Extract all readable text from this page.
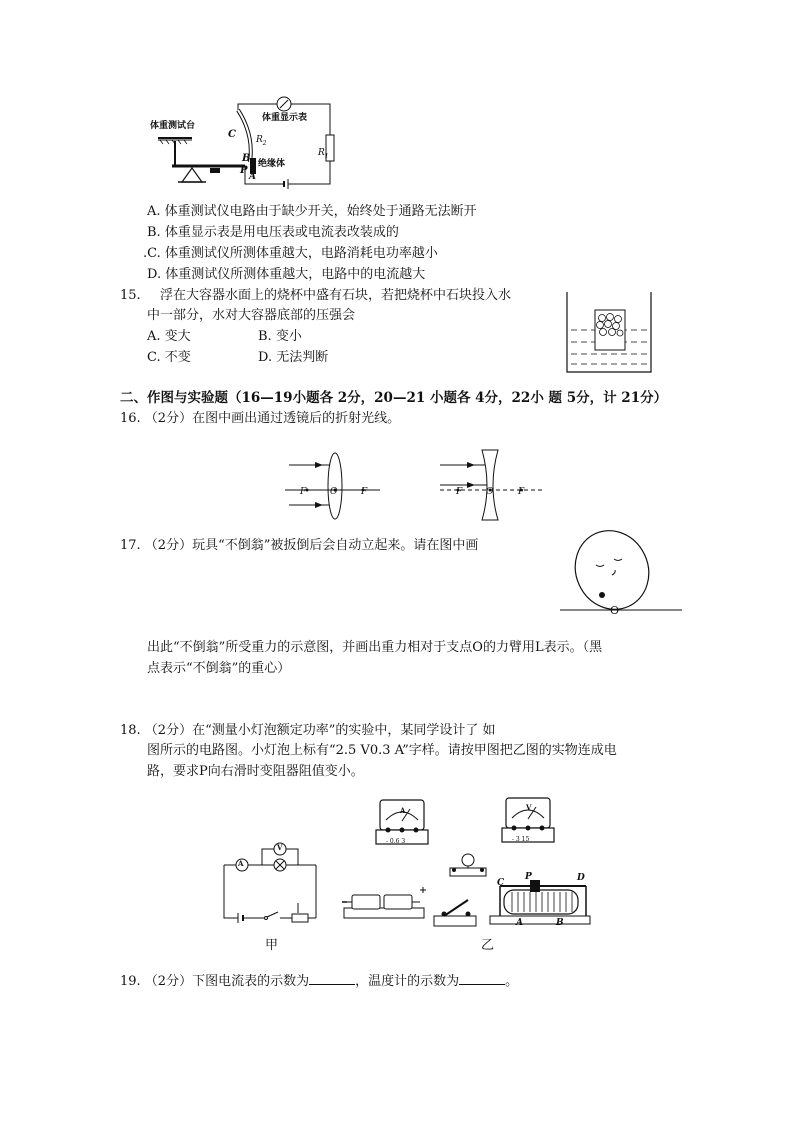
体重测试台
体重显示表
绝缘体
C
B
P
A
$R_2$
$R_1$
A. 体重测试仪电路由于缺少开关，始终处于通路无法断开
B. 体重显示表是用电压表或电流表改装成的
.C. 体重测试仪所测体重越大，电路消耗电功率越小
D. 体重测试仪所测体重越大，电路中的电流越大
15. 浮在大容器水面上的烧杯中盛有石块，若把烧杯中石块投入水
中一部分，水对大容器底部的压强会
A. 变大	B. 变小
C. 不变	D. 无法判断
二、作图与实验题（16—19小题各 2分，20—21 小题各 4分，22小 题 5分，计 21分）
16. （2分）在图中画出通过透镜后的折射光线。
F	O	F	F	O	F
17. （2分）玩具“不倒翁”被扳倒后会自动立起来。请在图中画
O
出此“不倒翁”所受重力的示意图，并画出重力相对于支点O的力臂用L表示。（黑
点表示“不倒翁”的重心）
18. （2分）在“测量小灯泡额定功率”的实验中，某同学设计了 如
图所示的电路图。小灯泡上标有“2.5 V0.3 A”字样。请按甲图把乙图的实物连成电
路，要求P向右滑时变阻器阻值变小。
A
V
甲
A
- 0.6 3
V
- 3 15
C	D
P
A	B
乙
19. （2分）下图电流表的示数为	，温度计的示数为	。
